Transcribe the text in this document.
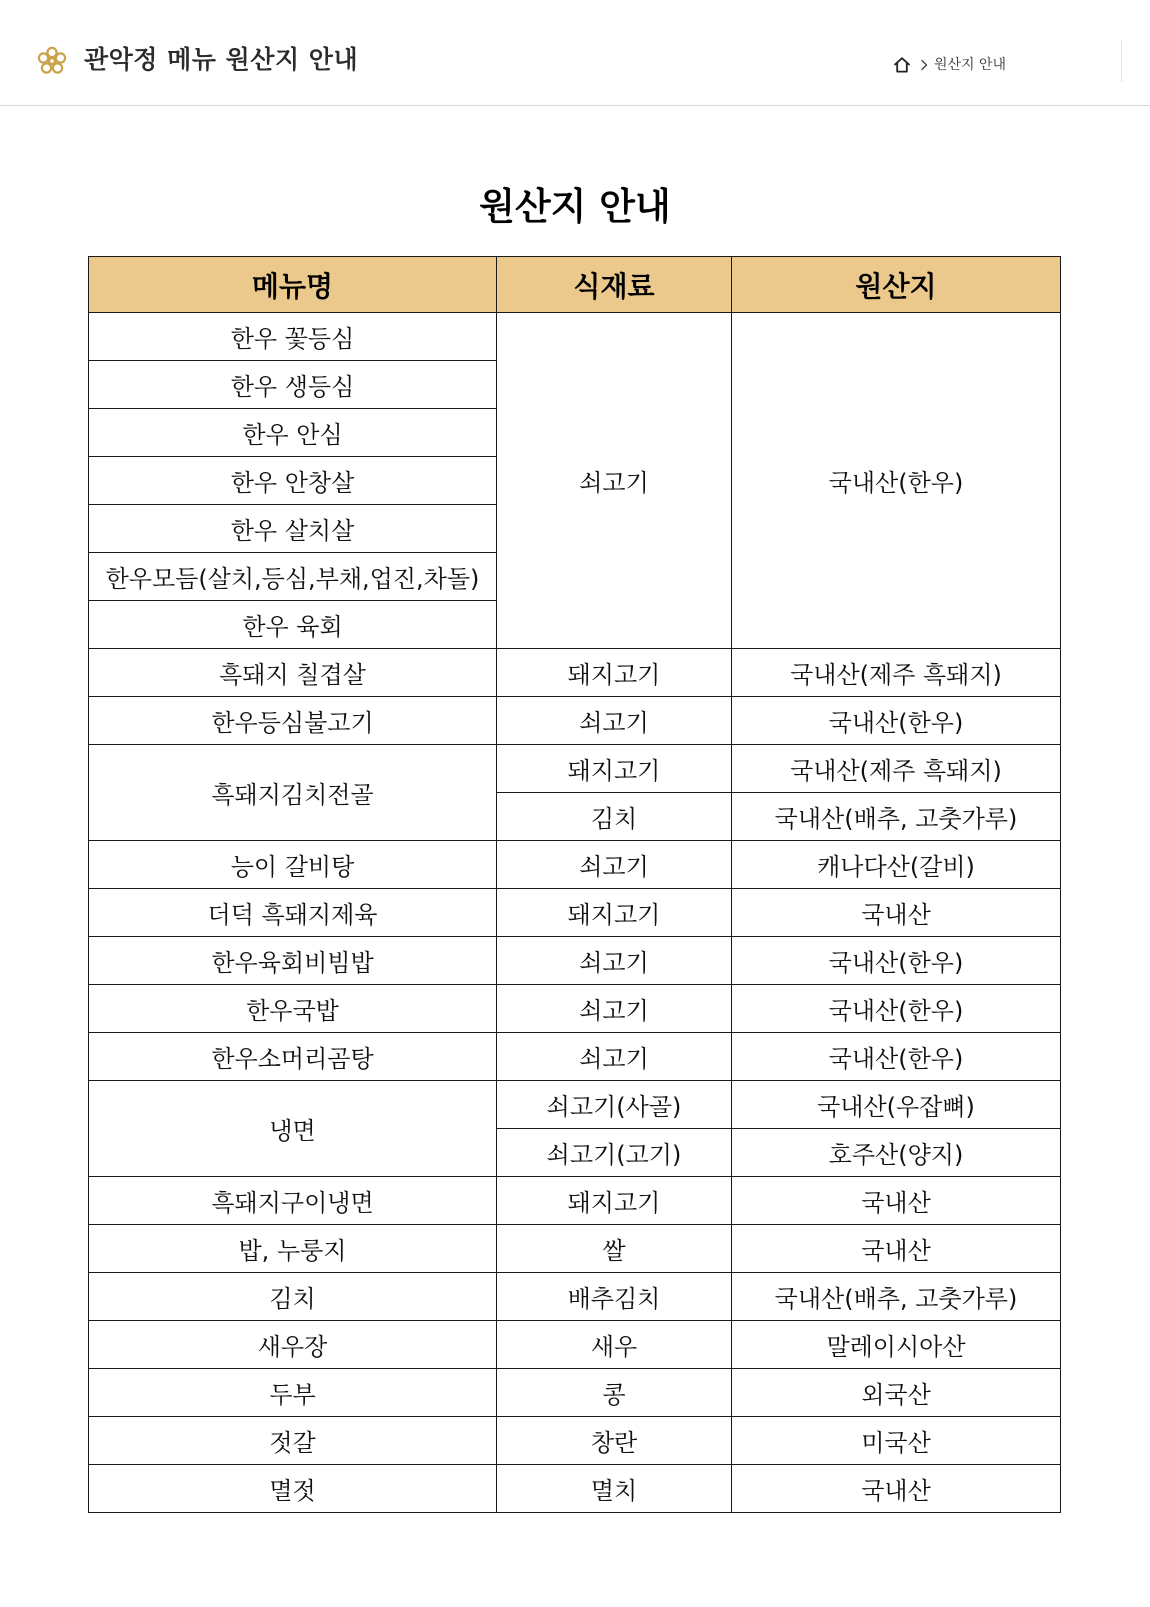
관악정 메뉴 원산지 안내	원산지 안내
원산지 안내
메뉴명	식재료	원산지
한우 꽃등심	쇠고기	국내산(한우)
한우 생등심		
한우 안심		
한우 안창살		
한우 살치살		
한우모듬(살치,등심,부채,업진,차돌)		
한우 육회		
흑돼지 칠겹살	돼지고기	국내산(제주 흑돼지)
한우등심불고기	쇠고기	국내산(한우)
흑돼지김치전골	돼지고기	국내산(제주 흑돼지)
	김치	국내산(배추, 고춧가루)
능이 갈비탕	쇠고기	캐나다산(갈비)
더덕 흑돼지제육	돼지고기	국내산
한우육회비빔밥	쇠고기	국내산(한우)
한우국밥	쇠고기	국내산(한우)
한우소머리곰탕	쇠고기	국내산(한우)
냉면	쇠고기(사골)	국내산(우잡뼈)
	쇠고기(고기)	호주산(양지)
흑돼지구이냉면	돼지고기	국내산
밥, 누룽지	쌀	국내산
김치	배추김치	국내산(배추, 고춧가루)
새우장	새우	말레이시아산
두부	콩	외국산
젓갈	창란	미국산
멸젓	멸치	국내산
